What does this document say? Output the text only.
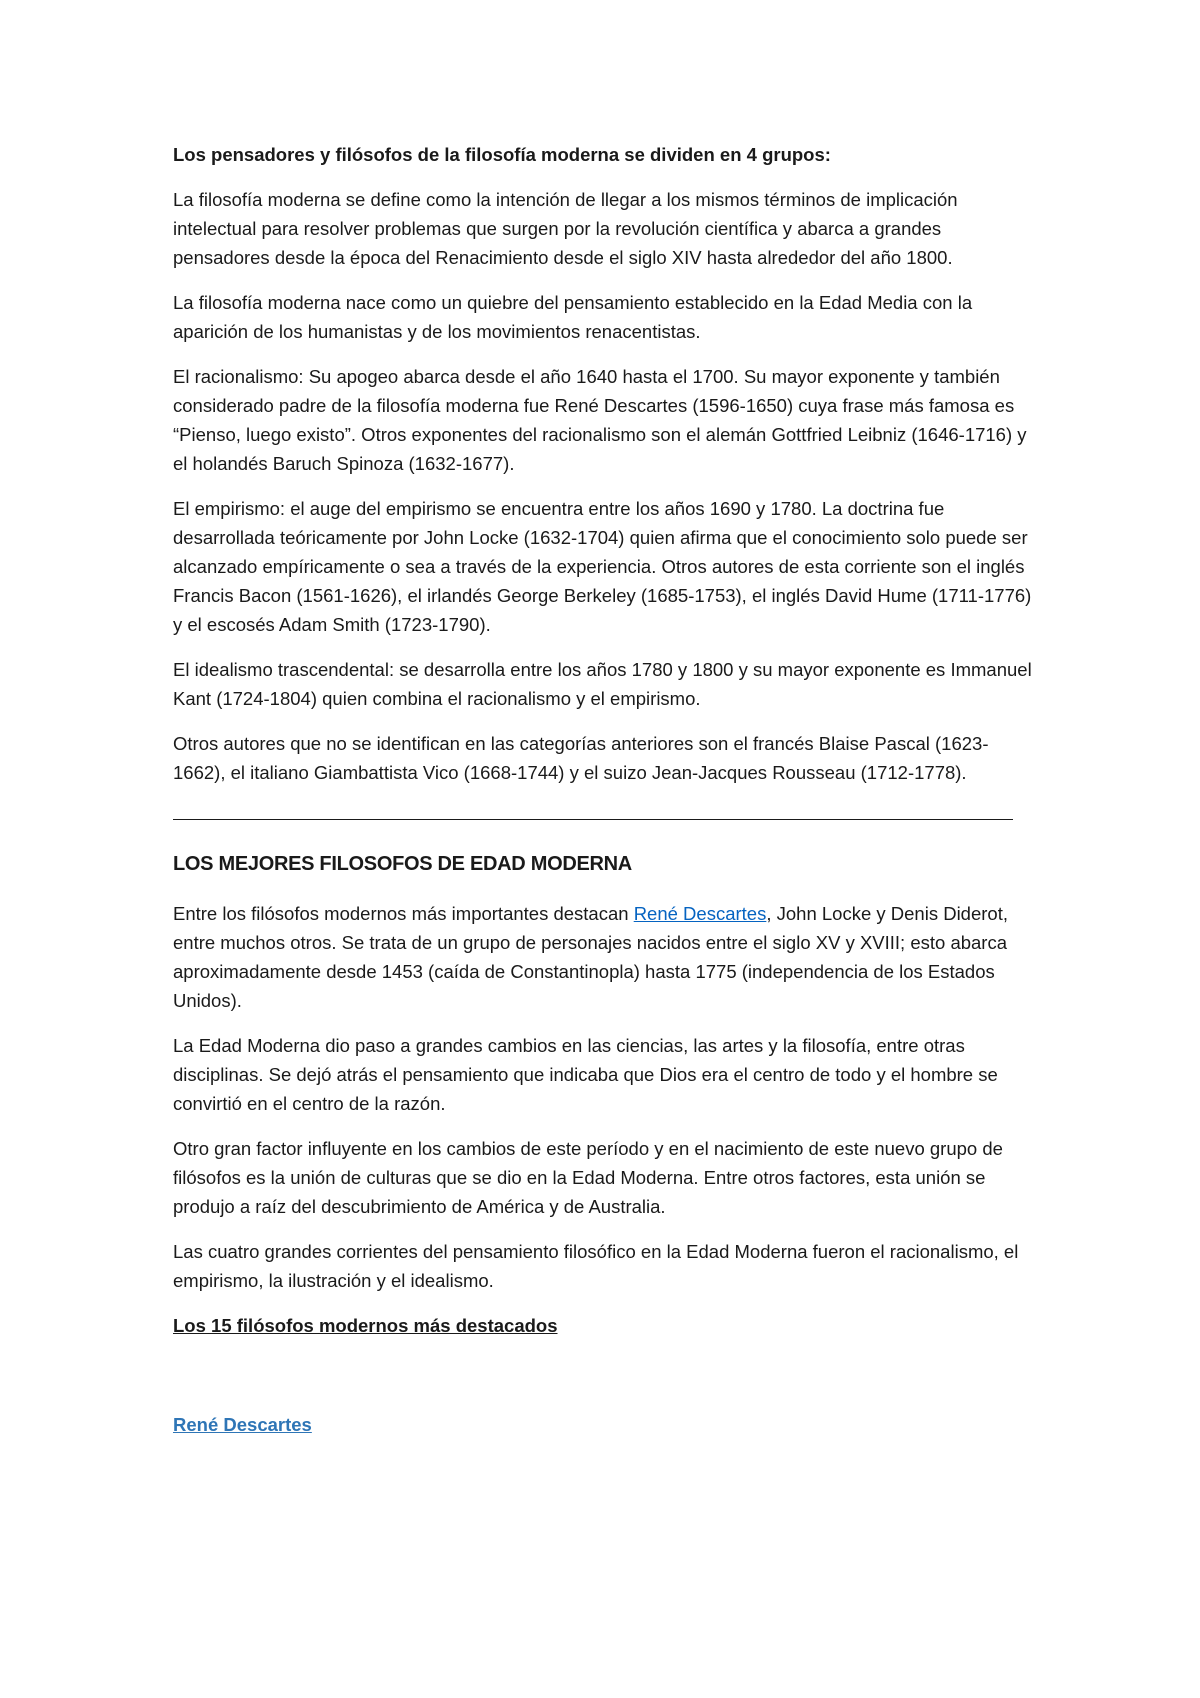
Los pensadores y filósofos de la filosofía moderna se dividen en 4 grupos:

La filosofía moderna se define como la intención de llegar a los mismos términos de implicación intelectual para resolver problemas que surgen por la revolución científica y abarca a grandes pensadores desde la época del Renacimiento desde el siglo XIV hasta alrededor del año 1800.

La filosofía moderna nace como un quiebre del pensamiento establecido en la Edad Media con la aparición de los humanistas y de los movimientos renacentistas.

El racionalismo: Su apogeo abarca desde el año 1640 hasta el 1700. Su mayor exponente y también considerado padre de la filosofía moderna fue René Descartes (1596-1650) cuya frase más famosa es “Pienso, luego existo”. Otros exponentes del racionalismo son el alemán Gottfried Leibniz (1646-1716) y el holandés Baruch Spinoza (1632-1677).

El empirismo: el auge del empirismo se encuentra entre los años 1690 y 1780. La doctrina fue desarrollada teóricamente por John Locke (1632-1704) quien afirma que el conocimiento solo puede ser alcanzado empíricamente o sea a través de la experiencia. Otros autores de esta corriente son el inglés Francis Bacon (1561-1626), el irlandés George Berkeley (1685-1753), el inglés David Hume (1711-1776) y el escosés Adam Smith (1723-1790).

El idealismo trascendental: se desarrolla entre los años 1780 y 1800 y su mayor exponente es Immanuel Kant (1724-1804) quien combina el racionalismo y el empirismo.

Otros autores que no se identifican en las categorías anteriores son el francés Blaise Pascal (1623-1662), el italiano Giambattista Vico (1668-1744) y el suizo Jean-Jacques Rousseau (1712-1778).

LOS MEJORES FILOSOFOS DE EDAD MODERNA

Entre los filósofos modernos más importantes destacan René Descartes, John Locke y Denis Diderot, entre muchos otros. Se trata de un grupo de personajes nacidos entre el siglo XV y XVIII; esto abarca aproximadamente desde 1453 (caída de Constantinopla) hasta 1775 (independencia de los Estados Unidos).

La Edad Moderna dio paso a grandes cambios en las ciencias, las artes y la filosofía, entre otras disciplinas. Se dejó atrás el pensamiento que indicaba que Dios era el centro de todo y el hombre se convirtió en el centro de la razón.

Otro gran factor influyente en los cambios de este período y en el nacimiento de este nuevo grupo de filósofos es la unión de culturas que se dio en la Edad Moderna. Entre otros factores, esta unión se produjo a raíz del descubrimiento de América y de Australia.

Las cuatro grandes corrientes del pensamiento filosófico en la Edad Moderna fueron el racionalismo, el empirismo, la ilustración y el idealismo.

Los 15 filósofos modernos más destacados

René Descartes
